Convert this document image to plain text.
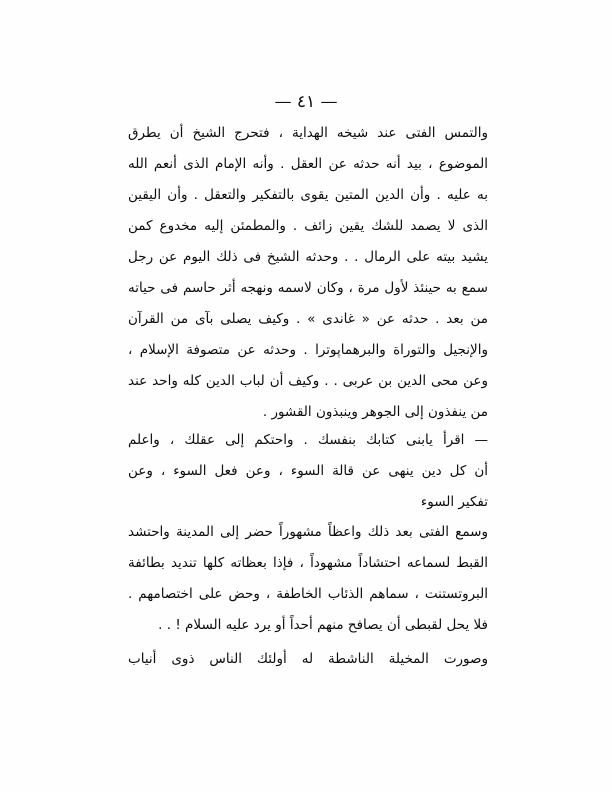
— ٤١ —
والتمس الفتى عند شيخه الهداية ، فتحرج الشيخ أن يطرق
الموضوع ، بيد أنه حدثه عن العقل . وأنه الإمام الذى أنعم الله
به عليه . وأن الدين المتين يقوى بالتفكير والتعقل . وأن اليقين
الذى لا يصمد للشك يقين زائف . والمطمئن إليه مخدوع كمن
يشيد بيته على الرمال . . وحدثه الشيخ فى ذلك اليوم عن رجل
سمع به حينئذ لأول مرة ، وكان لاسمه ونهجه أثر حاسم فى حياته
من بعد . حدثه عن « غاندى » . وكيف يصلى بآى من القرآن
والإنجيل والتوراة والبرهماپوترا . وحدثه عن متصوفة الإسلام ،
وعن محى الدين بن عربى . . وكيف أن لباب الدين كله واحد عند
من ينفذون إلى الجوهر وينبذون القشور .
— اقرأ يابنى كتابك بنفسك . واحتكم إلى عقلك ، واعلم
أن كل دين ينهى عن قالة السوء ، وعن فعل السوء ، وعن
تفكير السوء
وسمع الفتى بعد ذلك واعظاً مشهوراً حضر إلى المدينة واحتشد
القبط لسماعه احتشاداً مشهوداً ، فإذا بعظاته كلها تنديد بطائفة
البروتستنت ، سماهم الذئاب الخاطفة ، وحض على اختصامهم .
فلا يحل لقبطى أن يصافح منهم أحداً أو يرد عليه السلام ! . .
وصورت المخيلة الناشطة له أولئك الناس ذوى أنياب
